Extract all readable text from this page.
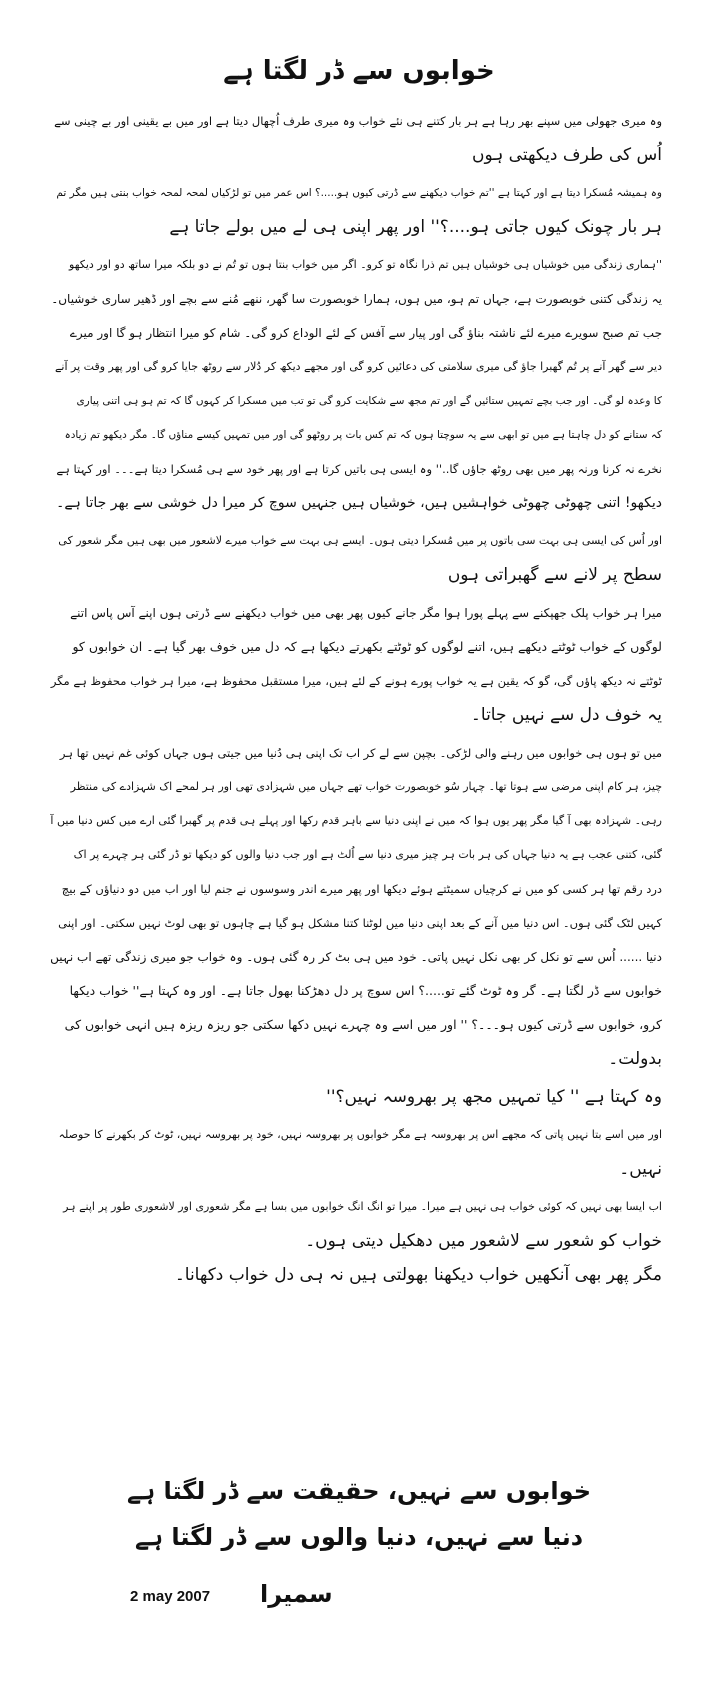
خوابوں سے ڈر لگتا ہے
وہ میری جھولی میں سپنے بھر رہا ہے ہر بار کتنے ہی نئے خواب وہ میری طرف اُچھال دیتا ہے اور میں بے یقینی اور بے چینی سے
اُس کی طرف دیکھتی ہوں
وہ ہمیشہ مُسکرا دیتا ہے اور کہتا ہے ''تم خواب دیکھنے سے ڈرتی کیوں ہو.....؟ اس عمر میں تو لڑکیاں لمحہ لمحہ خواب بنتی ہیں مگر تم
ہر بار چونک کیوں جاتی ہو....؟'' اور پھر اپنی ہی لے میں بولے جاتا ہے
''ہماری زندگی میں خوشیاں ہی خوشیاں ہیں تم ذرا نگاہ تو کرو۔ اگر میں خواب بنتا ہوں تو تُم نے دو بلکہ میرا ساتھ دو اور دیکھو
یہ زندگی کتنی خوبصورت ہے، جہاں تم ہو، میں ہوں، ہمارا خوبصورت سا گھر، ننھے مُنے سے بچے اور ڈھیر ساری خوشیاں۔
جب تم صبح سویرے میرے لئے ناشتہ بناؤ گی اور پیار سے آفس کے لئے الوداع کرو گی۔ شام کو میرا انتظار ہو گا اور میرے
دیر سے گھر آنے پر تُم گھبرا جاؤ گی میری سلامتی کی دعائیں کرو گی اور مجھے دیکھ کر دُلار سے روٹھ جایا کرو گی اور پھر وقت پر آنے
کا وعدہ لو گی۔ اور جب بچے تمہیں ستائیں گے اور تم مجھ سے شکایت کرو گی تو تب میں مسکرا کر کہوں گا کہ تم ہو ہی اتنی پیاری
کہ ستانے کو دل چاہتا ہے میں تو ابھی سے یہ سوچتا ہوں کہ تم کس بات پر روٹھو گی اور میں تمہیں کیسے مناؤں گا۔ مگر دیکھو تم زیادہ
نخرے نہ کرنا ورنہ پھر میں بھی روٹھ جاؤں گا..'' وہ ایسی ہی باتیں کرتا ہے اور پھر خود سے ہی مُسکرا دیتا ہے۔۔۔ اور کہتا ہے
دیکھو! اتنی چھوٹی چھوٹی خواہشیں ہیں، خوشیاں ہیں جنہیں سوچ کر میرا دل خوشی سے بھر جاتا ہے۔
اور اُس کی ایسی ہی بہت سی باتوں پر میں مُسکرا دیتی ہوں۔ ایسے ہی بہت سے خواب میرے لاشعور میں بھی ہیں مگر شعور کی
سطح پر لانے سے گھبراتی ہوں
میرا ہر خواب پلک جھپکنے سے پہلے پورا ہوا مگر جانے کیوں پھر بھی میں خواب دیکھنے سے ڈرتی ہوں اپنے آس پاس اتنے
لوگوں کے خواب ٹوٹتے دیکھے ہیں، اتنے لوگوں کو ٹوٹتے بکھرتے دیکھا ہے کہ دل میں خوف بھر گیا ہے۔ ان خوابوں کو
ٹوٹتے نہ دیکھ پاؤں گی، گو کہ یقین ہے یہ خواب پورے ہونے کے لئے ہیں، میرا مستقبل محفوظ ہے، میرا ہر خواب محفوظ ہے مگر
یہ خوف دل سے نہیں جاتا۔
میں تو ہوں ہی خوابوں میں رہنے والی لڑکی۔ بچپن سے لے کر اب تک اپنی ہی دُنیا میں جیتی ہوں جہاں کوئی غم نہیں تھا ہر
چیز، ہر کام اپنی مرضی سے ہوتا تھا۔ چہار سُو خوبصورت خواب تھے جہاں میں شہزادی تھی اور ہر لمحے اک شہزادے کی منتظر
رہی۔ شہزادہ بھی آ گیا مگر پھر یوں ہوا کہ میں نے اپنی دنیا سے باہر قدم رکھا اور پہلے ہی قدم پر گھبرا گئی ارے میں کس دنیا میں آ
گئی، کتنی عجب ہے یہ دنیا جہاں کی ہر بات ہر چیز میری دنیا سے اُلٹ ہے اور جب دنیا والوں کو دیکھا تو ڈر گئی ہر چہرے پر اک
درد رقم تھا ہر کسی کو میں نے کرچیاں سمیٹتے ہوئے دیکھا اور پھر میرے اندر وسوسوں نے جنم لیا اور اب میں دو دنیاؤں کے بیچ
کہیں لٹک گئی ہوں۔ اس دنیا میں آنے کے بعد اپنی دنیا میں لوٹنا کتنا مشکل ہو گیا ہے چاہوں تو بھی لوٹ نہیں سکتی۔ اور اپنی
دنیا ...... اُس سے تو نکل کر بھی نکل نہیں پاتی۔ خود میں ہی بٹ کر رہ گئی ہوں۔ وہ خواب جو میری زندگی تھے اب نہیں
خوابوں سے ڈر لگتا ہے۔ گر وہ ٹوٹ گئے تو.....؟ اس سوچ پر دل دھڑکنا بھول جاتا ہے۔ اور وہ کہتا ہے'' خواب دیکھا
کرو، خوابوں سے ڈرتی کیوں ہو۔۔۔؟ '' اور میں اسے وہ چہرے نہیں دکھا سکتی جو ریزہ ریزہ ہیں انہی خوابوں کی
بدولت۔
وہ کہتا ہے '' کیا تمہیں مجھ پر بھروسہ نہیں؟''
اور میں اسے بتا نہیں پاتی کہ مجھے اس پر بھروسہ ہے مگر خوابوں پر بھروسہ نہیں، خود پر بھروسہ نہیں، ٹوٹ کر بکھرنے کا حوصلہ
نہیں۔
اب ایسا بھی نہیں کہ کوئی خواب ہی نہیں ہے میرا۔ میرا تو انگ انگ خوابوں میں بسا ہے مگر شعوری اور لاشعوری طور پر اپنے ہر
خواب کو شعور سے لاشعور میں دھکیل دیتی ہوں۔
مگر پھر بھی آنکھیں خواب دیکھنا بھولتی ہیں نہ ہی دل خواب دکھانا۔
خوابوں سے نہیں، حقیقت سے ڈر لگتا ہے
دنیا سے نہیں، دنیا والوں سے ڈر لگتا ہے
2 may 2007 سمیرا
